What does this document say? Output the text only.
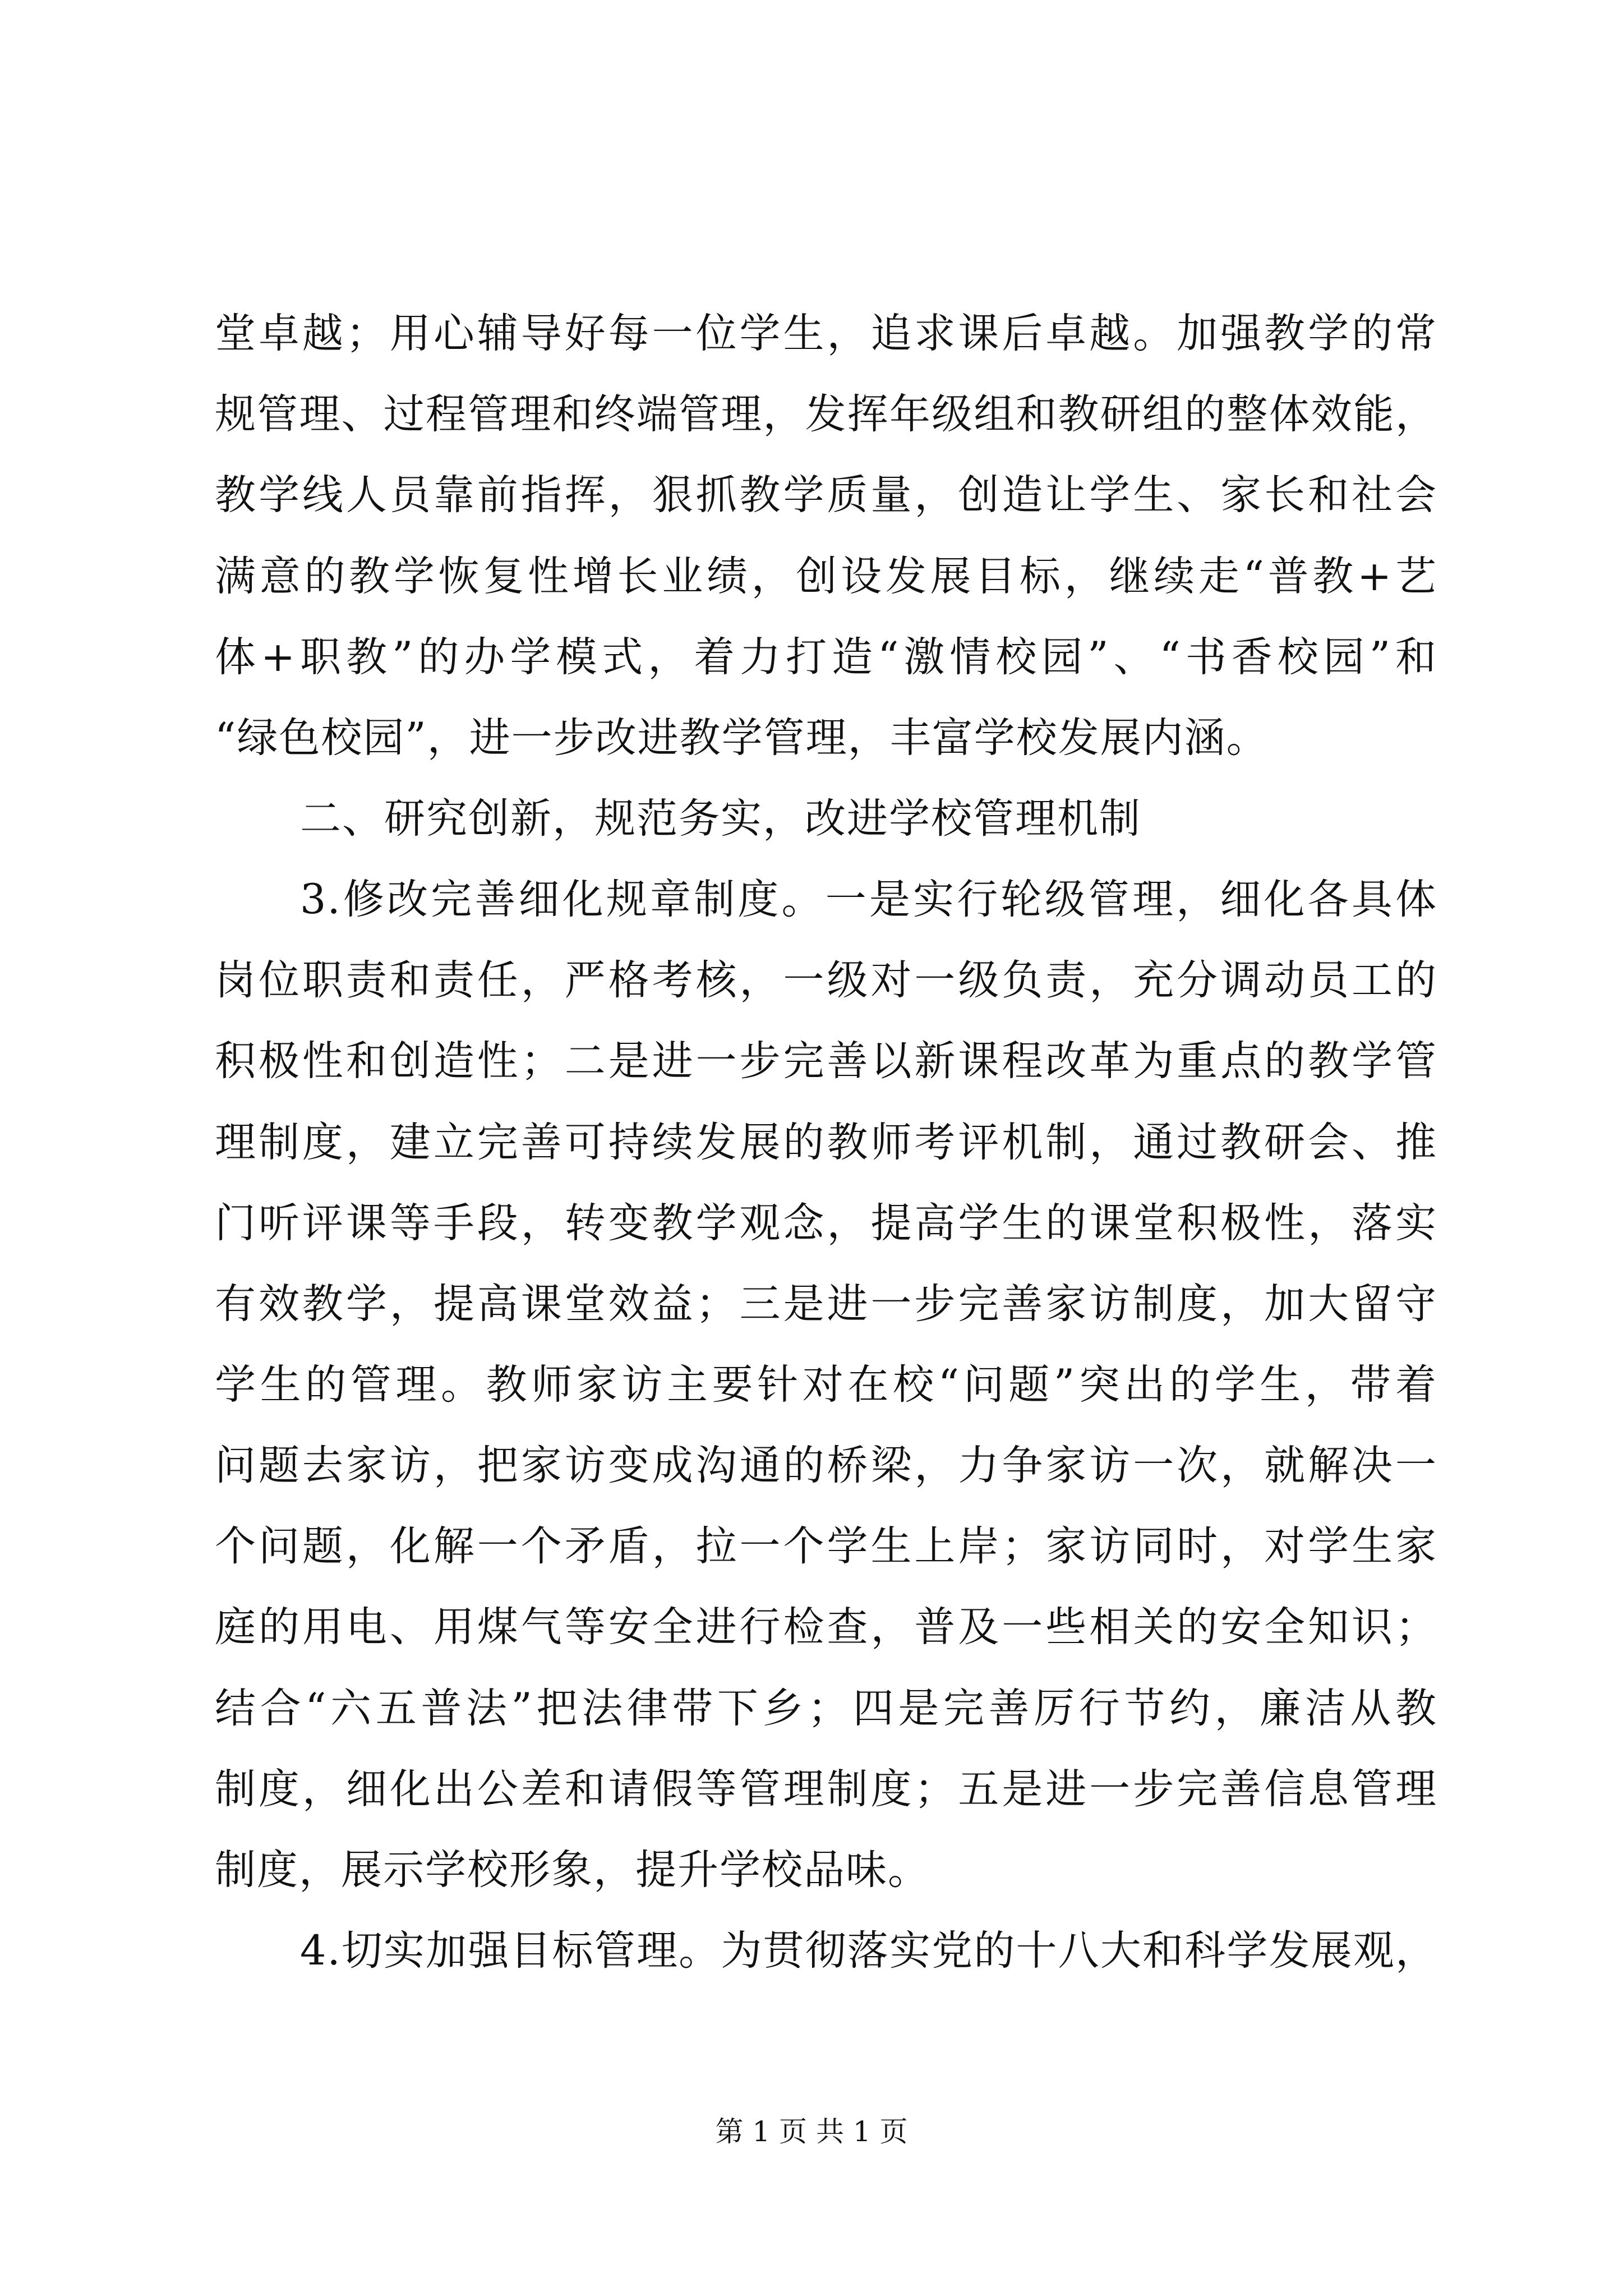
堂卓越；用心辅导好每一位学生，追求课后卓越。加强教学的常
规管理、过程管理和终端管理，发挥年级组和教研组的整体效能，
教学线人员靠前指挥，狠抓教学质量，创造让学生、家长和社会
满意的教学恢复性增长业绩，创设发展目标，继续走“普教+艺
体+职教”的办学模式，着力打造“激情校园”、“书香校园”和
“绿色校园”，进一步改进教学管理，丰富学校发展内涵。
二、研究创新，规范务实，改进学校管理机制
3.修改完善细化规章制度。一是实行轮级管理，细化各具体
岗位职责和责任，严格考核，一级对一级负责，充分调动员工的
积极性和创造性；二是进一步完善以新课程改革为重点的教学管
理制度，建立完善可持续发展的教师考评机制，通过教研会、推
门听评课等手段，转变教学观念，提高学生的课堂积极性，落实
有效教学，提高课堂效益；三是进一步完善家访制度，加大留守
学生的管理。教师家访主要针对在校“问题”突出的学生，带着
问题去家访，把家访变成沟通的桥梁，力争家访一次，就解决一
个问题，化解一个矛盾，拉一个学生上岸；家访同时，对学生家
庭的用电、用煤气等安全进行检查，普及一些相关的安全知识；
结合“六五普法”把法律带下乡；四是完善厉行节约，廉洁从教
制度，细化出公差和请假等管理制度；五是进一步完善信息管理
制度，展示学校形象，提升学校品味。
4.切实加强目标管理。为贯彻落实党的十八大和科学发展观，
第 1 页 共 1 页
